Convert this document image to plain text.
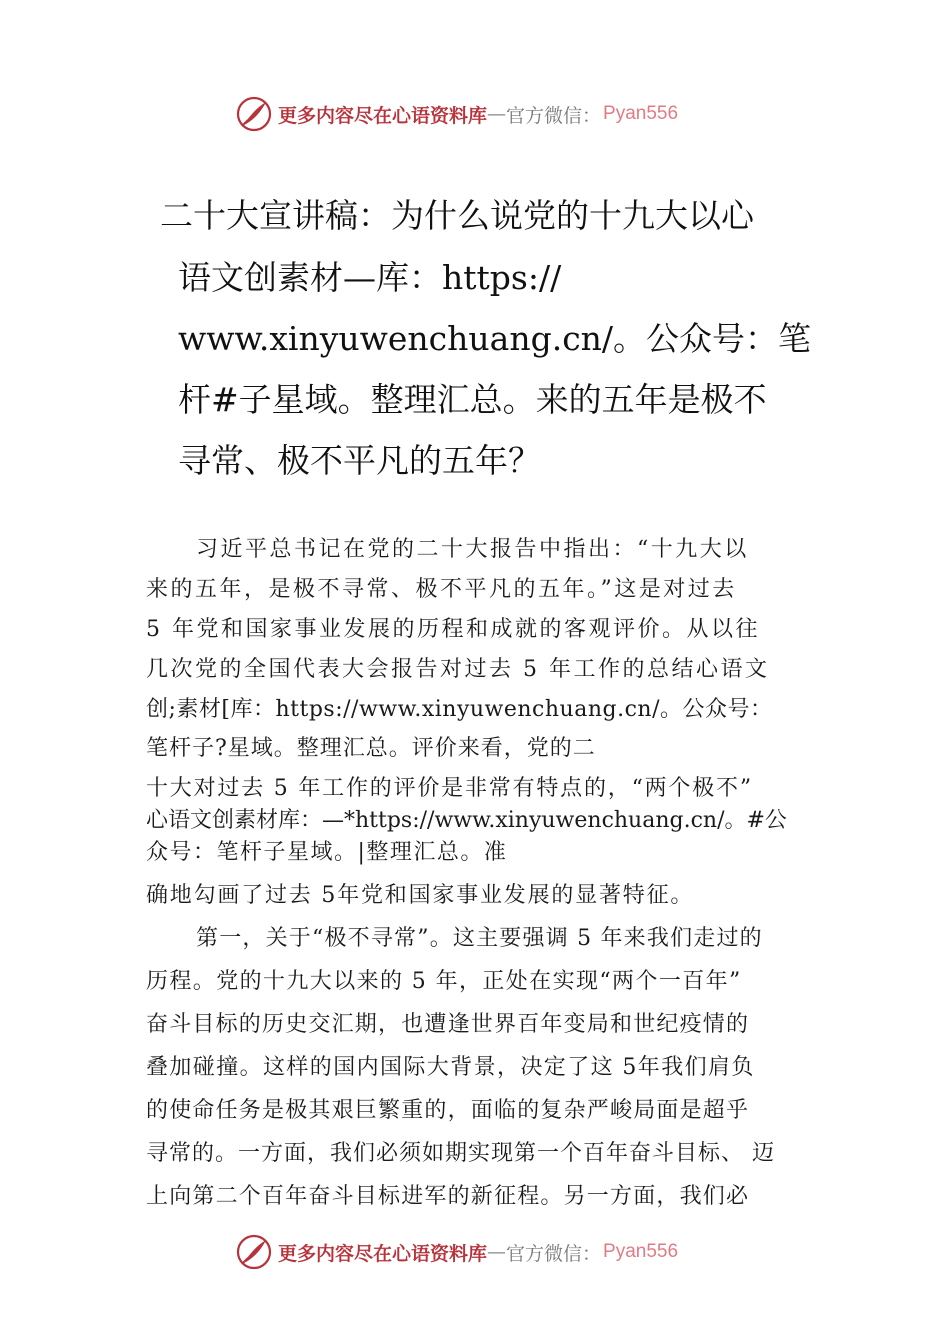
更多内容尽在心语资料库 — 官方微信： Pyan556
二十大宣讲稿：为什么说党的十九大以心
语文创素材—库：https://
www.xinyuwenchuang.cn/。公众号：笔
杆#子星域。整理汇总。来的五年是极不
寻常、极不平凡的五年？
习近平总书记在党的二十大报告中指出：“十九大以
来的五年，是极不寻常、极不平凡的五年。”这是对过去
5 年党和国家事业发展的历程和成就的客观评价。从以往
几次党的全国代表大会报告对过去 5 年工作的总结心语文
创;素材[库：https://www.xinyuwenchuang.cn/。公众号：
笔杆子?星域。整理汇总。评价来看，党的二
十大对过去 5 年工作的评价是非常有特点的，“两个极不”
心语文创素材库：—*https://www.xinyuwenchuang.cn/。#公
众号：笔杆子星域。|整理汇总。准
确地勾画了过去 5年党和国家事业发展的显著特征。
第一，关于“极不寻常”。这主要强调 5 年来我们走过的
历程。党的十九大以来的 5 年，正处在实现“两个一百年”
奋斗目标的历史交汇期，也遭逢世界百年变局和世纪疫情的
叠加碰撞。这样的国内国际大背景，决定了这 5年我们肩负
的使命任务是极其艰巨繁重的，面临的复杂严峻局面是超乎
寻常的。一方面，我们必须如期实现第一个百年奋斗目标、 迈
上向第二个百年奋斗目标进军的新征程。另一方面，我们必
更多内容尽在心语资料库 — 官方微信： Pyan556
